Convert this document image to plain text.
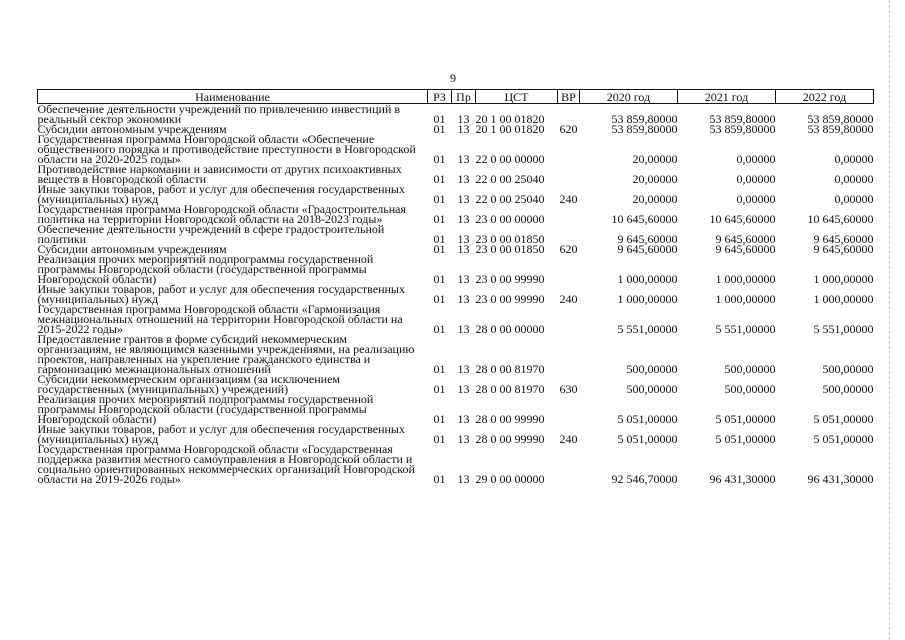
9
Наименование	РЗ	Пр	ЦСТ	ВР	2020 год	2021 год	2022 год
Обеспечение деятельности учреждений по привлечению инвестиций в реальный сектор экономики	01	13	20 1 00 01820		53 859,80000	53 859,80000	53 859,80000
Субсидии автономным учреждениям	01	13	20 1 00 01820	620	53 859,80000	53 859,80000	53 859,80000
Государственная программа Новгородской области «Обеспечение общественного порядка и противодействие преступности в Новгородской области на 2020-2025 годы»	01	13	22 0 00 00000		20,00000	0,00000	0,00000
Противодействие наркомании и зависимости от других психоактивных веществ в Новгородской области	01	13	22 0 00 25040		20,00000	0,00000	0,00000
Иные закупки товаров, работ и услуг для обеспечения государственных (муниципальных) нужд	01	13	22 0 00 25040	240	20,00000	0,00000	0,00000
Государственная программа Новгородской области «Градостроительная политика на территории Новгородской области на 2018-2023 годы»	01	13	23 0 00 00000		10 645,60000	10 645,60000	10 645,60000
Обеспечение деятельности учреждений в сфере градостроительной политики	01	13	23 0 00 01850		9 645,60000	9 645,60000	9 645,60000
Субсидии автономным учреждениям	01	13	23 0 00 01850	620	9 645,60000	9 645,60000	9 645,60000
Реализация прочих мероприятий подпрограммы государственной программы Новгородской области (государственной программы Новгородской области)	01	13	23 0 00 99990		1 000,00000	1 000,00000	1 000,00000
Иные закупки товаров, работ и услуг для обеспечения государственных (муниципальных) нужд	01	13	23 0 00 99990	240	1 000,00000	1 000,00000	1 000,00000
Государственная программа Новгородской области «Гармонизация межнациональных отношений на территории Новгородской области на 2015-2022 годы»	01	13	28 0 00 00000		5 551,00000	5 551,00000	5 551,00000
Предоставление грантов в форме субсидий некоммерческим организациям, не являющимся казенными учреждениями, на реализацию проектов, направленных на укрепление гражданского единства и гармонизацию межнациональных отношений	01	13	28 0 00 81970		500,00000	500,00000	500,00000
Субсидии некоммерческим организациям (за исключением государственных (муниципальных) учреждений)	01	13	28 0 00 81970	630	500,00000	500,00000	500,00000
Реализация прочих мероприятий подпрограммы государственной программы Новгородской области (государственной программы Новгородской области)	01	13	28 0 00 99990		5 051,00000	5 051,00000	5 051,00000
Иные закупки товаров, работ и услуг для обеспечения государственных (муниципальных) нужд	01	13	28 0 00 99990	240	5 051,00000	5 051,00000	5 051,00000
Государственная программа Новгородской области «Государственная поддержка развития местного самоуправления в Новгородской области и социально ориентированных некоммерческих организаций Новгородской области на 2019-2026 годы»	01	13	29 0 00 00000		92 546,70000	96 431,30000	96 431,30000
